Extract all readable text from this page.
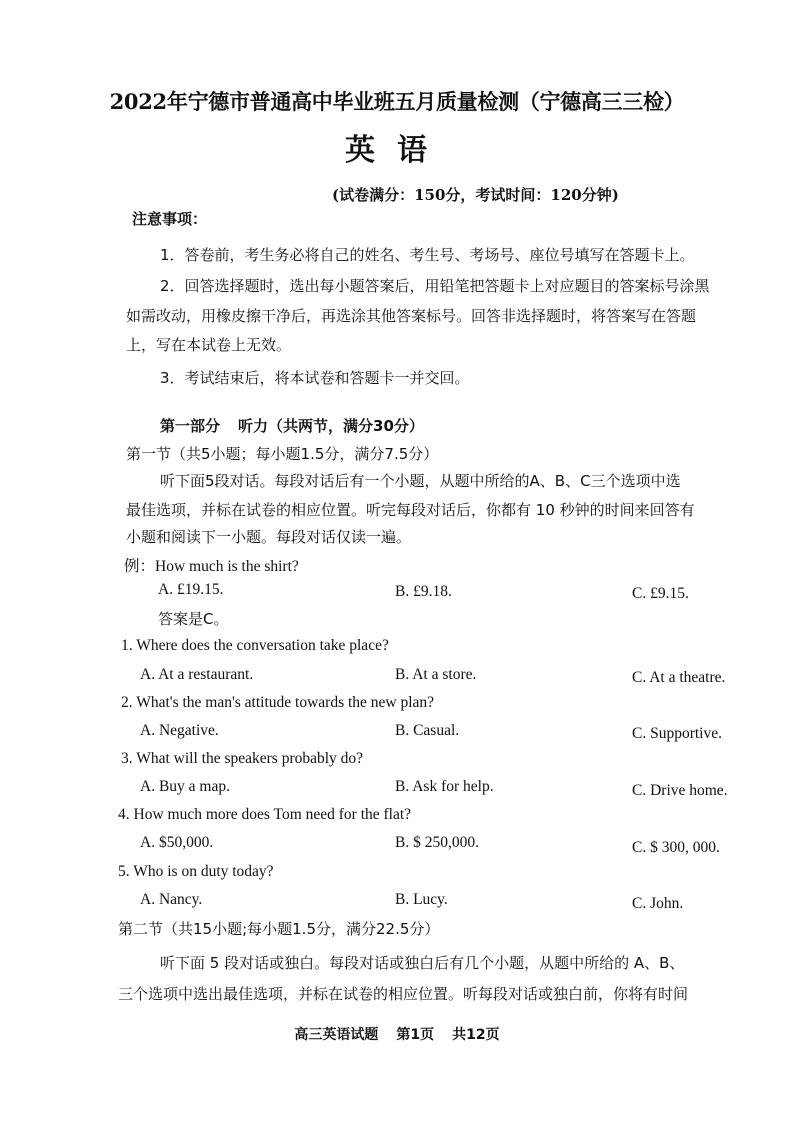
2022年宁德市普通高中毕业班五月质量检测（宁德高三三检）
英语
(试卷满分：150分，考试时间：120分钟)
注意事项：
1．答卷前，考生务必将自己的姓名、考生号、考场号、座位号填写在答题卡上。
2．回答选择题时，选出每小题答案后，用铅笔把答题卡上对应题目的答案标号涂黑
如需改动，用橡皮擦干净后，再选涂其他答案标号。回答非选择题时，将答案写在答题
上，写在本试卷上无效。
3．考试结束后，将本试卷和答题卡一并交回。
第一部分 听力（共两节，满分30分）
第一节（共5小题；每小题1.5分，满分7.5分）
听下面5段对话。每段对话后有一个小题，从题中所给的A、B、C三个选项中选
最佳选项，并标在试卷的相应位置。听完每段对话后，你都有 10 秒钟的时间来回答有
小题和阅读下一小题。每段对话仅读一遍。
例：How much is the shirt?
A. £19.15.	B. £9.18.	C. £9.15.
答案是C。
1. Where does the conversation take place?
A. At a restaurant.	B. At a store.	C. At a theatre.
2. What's the man's attitude towards the new plan?
A. Negative.	B. Casual.	C. Supportive.
3. What will the speakers probably do?
A. Buy a map.	B. Ask for help.	C. Drive home.
4. How much more does Tom need for the flat?
A. $50,000.	B. $ 250,000.	C. $ 300, 000.
5. Who is on duty today?
A. Nancy.	B. Lucy.	C. John.
第二节（共15小题;每小题1.5分，满分22.5分）
听下面 5 段对话或独白。每段对话或独白后有几个小题，从题中所给的 A、B、
三个选项中选出最佳选项，并标在试卷的相应位置。听每段对话或独白前，你将有时间
高三英语试题 第1页 共12页
